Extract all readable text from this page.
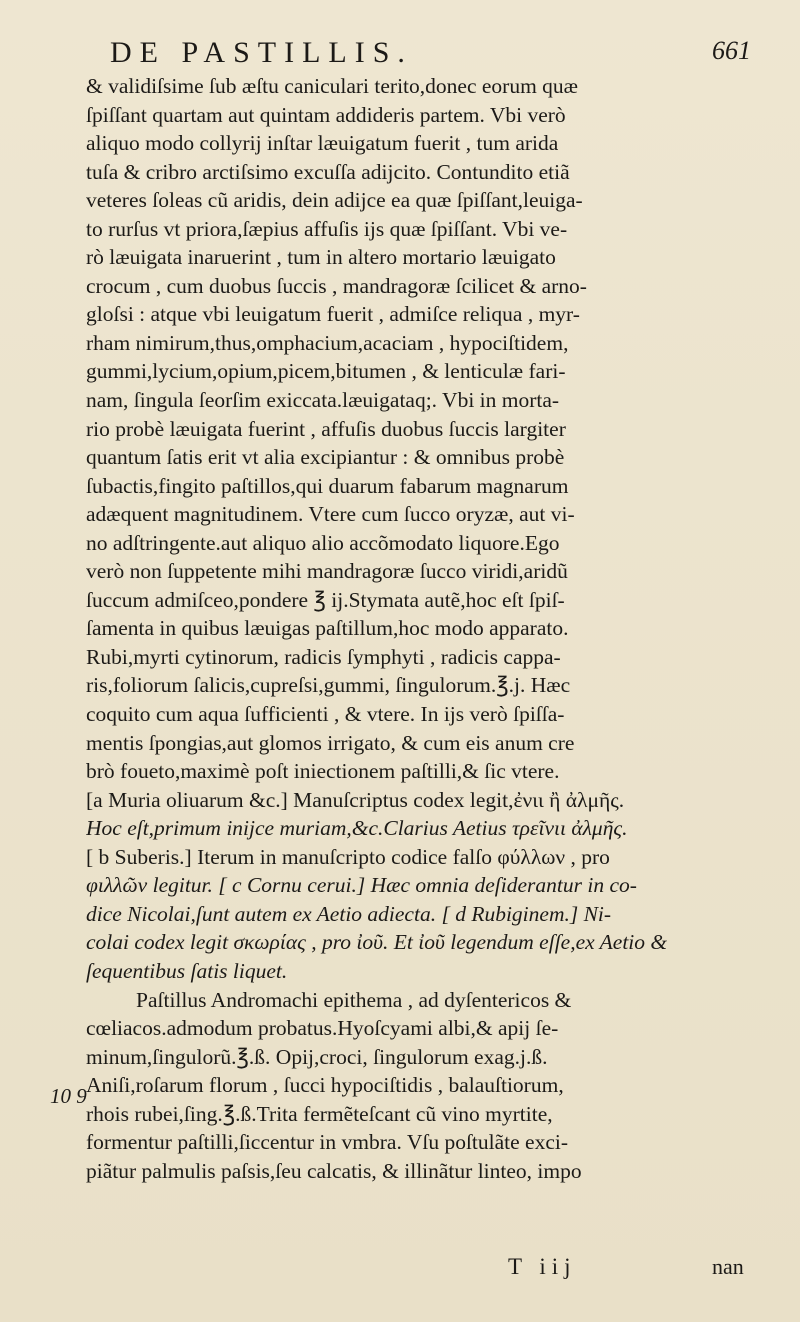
DE PASTILLIS.	661
& validiſsime ſub æſtu caniculari terito,donec eorum quæ
ſpiſſant quartam aut quintam addideris partem. Vbi verò
aliquo modo collyrij inſtar læuigatum fuerit , tum arida
tuſa & cribro arctiſsimo excuſſa adijcito. Contundito etiã
veteres ſoleas cũ aridis, dein adijce ea quæ ſpiſſant,leuiga-
to rurſus vt priora,ſæpius affuſis ijs quæ ſpiſſant. Vbi ve-
rò læuigata inaruerint , tum in altero mortario læuigato
crocum , cum duobus ſuccis , mandragoræ ſcilicet & arno-
gloſsi : atque vbi leuigatum fuerit , admiſce reliqua , myr-
rham nimirum,thus,omphacium,acaciam , hypociſtidem,
gummi,lycium,opium,picem,bitumen , & lenticulæ fari-
nam, ſingula ſeorſim exiccata.læuigataq;. Vbi in morta-
rio probè læuigata fuerint , affuſis duobus ſuccis largiter
quantum ſatis erit vt alia excipiantur : & omnibus probè
ſubactis,fingito paſtillos,qui duarum fabarum magnarum
adæquent magnitudinem. Vtere cum ſucco oryzæ, aut vi-
no adſtringente.aut aliquo alio accõmodato liquore.Ego
verò non ſuppetente mihi mandragoræ ſucco viridi,aridũ
ſuccum admiſceo,pondere ℥ ij.Stymata autẽ,hoc eſt ſpiſ-
ſamenta in quibus læuigas paſtillum,hoc modo apparato.
Rubi,myrti cytinorum, radicis ſymphyti , radicis cappa-
ris,foliorum ſalicis,cupreſsi,gummi, ſingulorum.℥.j. Hæc
coquito cum aqua ſufficienti , & vtere. In ijs verò ſpiſſa-
mentis ſpongias,aut glomos irrigato, & cum eis anum cre
brò foueto,maximè poſt iniectionem paſtilli,& ſic vtere.
[a Muria oliuarum &c.] Manuſcriptus codex legit,ἐνιι ἢ ἀλμῆς.
Hoc eſt,primum inijce muriam,&c.Clarius Aetius τρεῖνιι ἀλμῆς.
[ b Suberis.] Iterum in manuſcripto codice falſo φύλλων , pro
φιλλῶν legitur. [ c Cornu cerui.] Hæc omnia deſiderantur in co-
dice Nicolai,ſunt autem ex Aetio adiecta. [ d Rubiginem.] Ni-
colai codex legit σκωρίας , pro ἰοῦ. Et ἰοῦ legendum eſſe,ex Aetio &
ſequentibus ſatis liquet.
Paſtillus Andromachi epithema , ad dyſentericos &
cœliacos.admodum probatus.Hyoſcyami albi,& apij ſe-
minum,ſingulorũ.℥.ß. Opij,croci, ſingulorum exag.j.ß.
Aniſi,roſarum florum , ſucci hypociſtidis , balauſtiorum,
rhois rubei,ſing.℥.ß.Trita fermẽteſcant cũ vino myrtite,
formentur paſtilli,ſiccentur in vmbra. Vſu poſtulãte exci-
piãtur palmulis paſsis,ſeu calcatis, & illinãtur linteo, impo
10 9
T iij	nan
